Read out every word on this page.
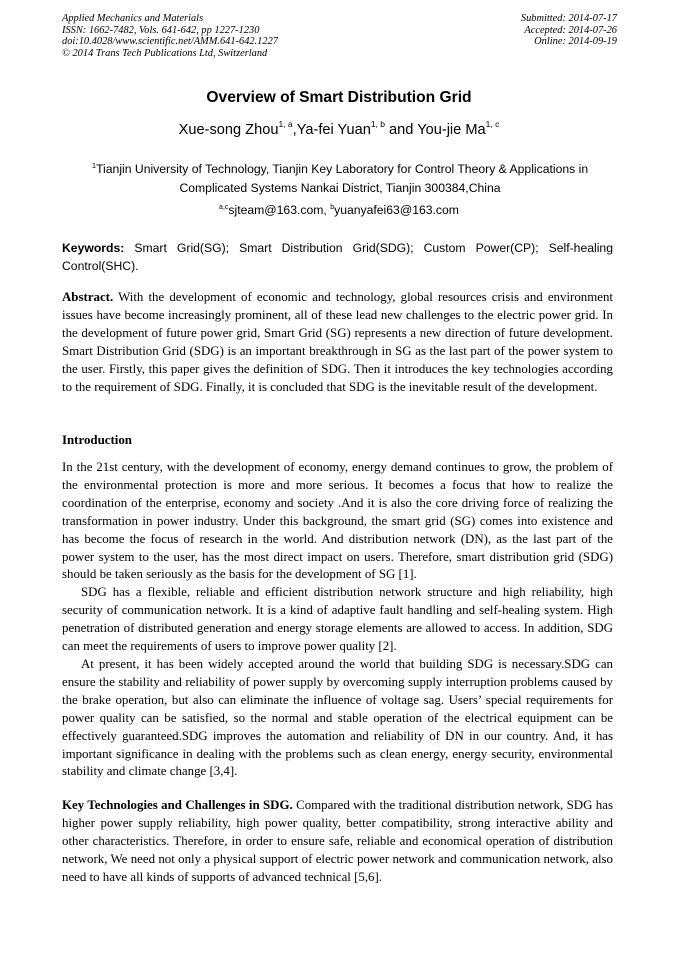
Applied Mechanics and Materials
ISSN: 1662-7482, Vols. 641-642, pp 1227-1230
doi:10.4028/www.scientific.net/AMM.641-642.1227
© 2014 Trans Tech Publications Ltd, Switzerland
Submitted: 2014-07-17
Accepted: 2014-07-26
Online: 2014-09-19
Overview of Smart Distribution Grid
Xue-song Zhou$^{1, a}$,Ya-fei Yuan$^{1, b}$ and You-jie Ma$^{1, c}$
$^1$Tianjin University of Technology, Tianjin Key Laboratory for Control Theory & Applications in
Complicated Systems Nankai District, Tianjin 300384,China
$^{a,c}$sjteam@163.com, $^b$yuanyafei63@163.com
Keywords: Smart Grid(SG); Smart Distribution Grid(SDG); Custom Power(CP); Self-healing Control(SHC).
Abstract. With the development of economic and technology, global resources crisis and environment issues have become increasingly prominent, all of these lead new challenges to the electric power grid. In the development of future power grid, Smart Grid (SG) represents a new direction of future development. Smart Distribution Grid (SDG) is an important breakthrough in SG as the last part of the power system to the user. Firstly, this paper gives the definition of SDG. Then it introduces the key technologies according to the requirement of SDG. Finally, it is concluded that SDG is the inevitable result of the development.
Introduction

In the 21st century, with the development of economy, energy demand continues to grow, the problem of the environmental protection is more and more serious. It becomes a focus that how to realize the coordination of the enterprise, economy and society .And it is also the core driving force of realizing the transformation in power industry. Under this background, the smart grid (SG) comes into existence and has become the focus of research in the world. And distribution network (DN), as the last part of the power system to the user, has the most direct impact on users. Therefore, smart distribution grid (SDG) should be taken seriously as the basis for the development of SG [1].

SDG has a flexible, reliable and efficient distribution network structure and high reliability, high security of communication network. It is a kind of adaptive fault handling and self-healing system. High penetration of distributed generation and energy storage elements are allowed to access. In addition, SDG can meet the requirements of users to improve power quality [2].

At present, it has been widely accepted around the world that building SDG is necessary.SDG can ensure the stability and reliability of power supply by overcoming supply interruption problems caused by the brake operation, but also can eliminate the influence of voltage sag. Users’ special requirements for power quality can be satisfied, so the normal and stable operation of the electrical equipment can be effectively guaranteed.SDG improves the automation and reliability of DN in our country. And, it has important significance in dealing with the problems such as clean energy, energy security, environmental stability and climate change [3,4].

Key Technologies and Challenges in SDG. Compared with the traditional distribution network, SDG has higher power supply reliability, high power quality, better compatibility, strong interactive ability and other characteristics. Therefore, in order to ensure safe, reliable and economical operation of distribution network, We need not only a physical support of electric power network and communication network, also need to have all kinds of supports of advanced technical [5,6].
